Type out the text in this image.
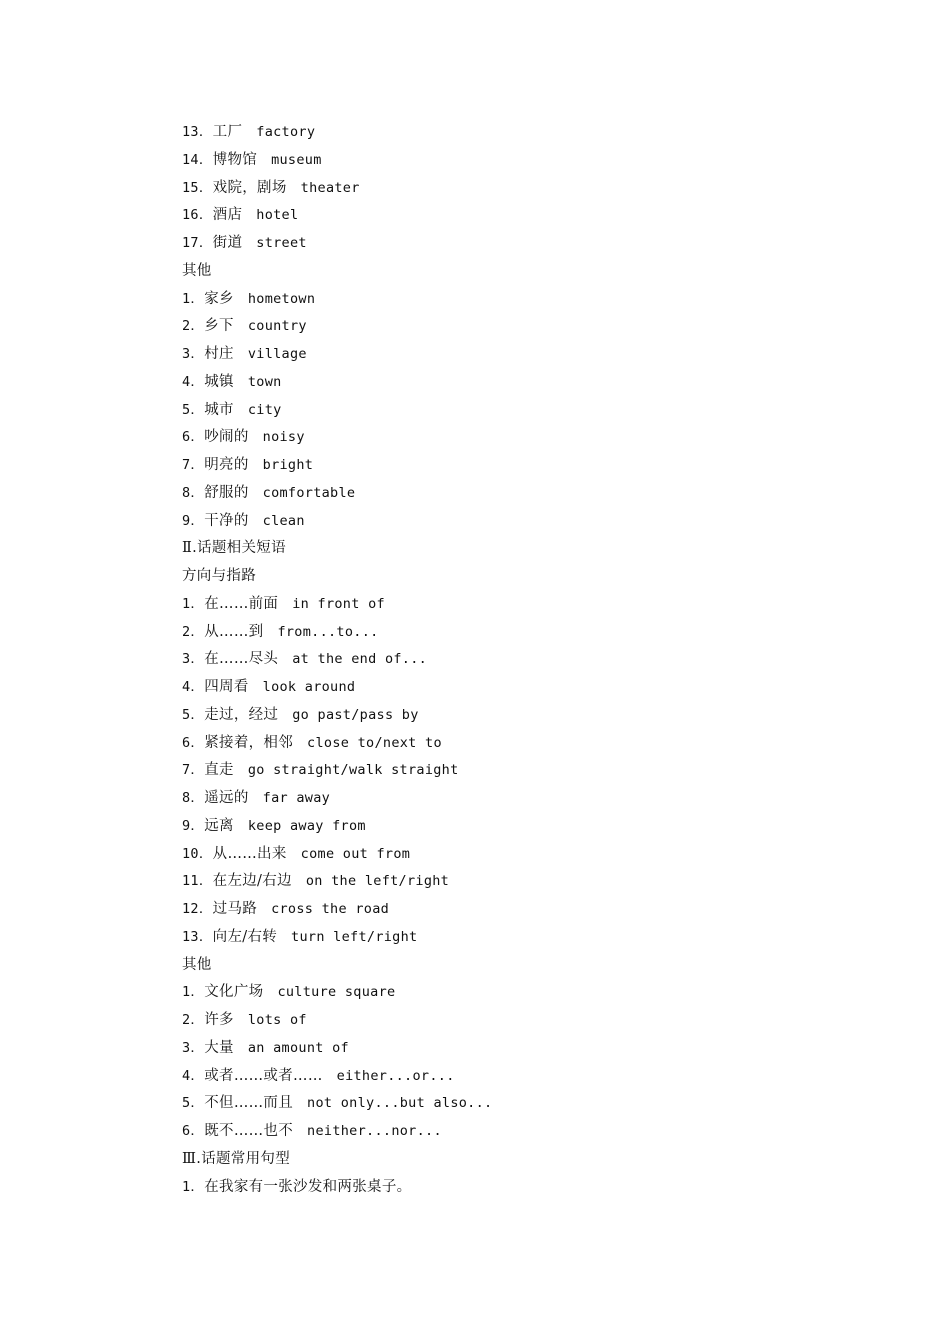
13．工厂 factory
14．博物馆 museum
15．戏院，剧场 theater
16．酒店 hotel
17．街道 street
其他
1．家乡 hometown
2．乡下 country
3．村庄 village
4．城镇 town
5．城市 city
6．吵闹的 noisy
7．明亮的 bright
8．舒服的 comfortable
9．干净的 clean
Ⅱ.话题相关短语
方向与指路
1．在……前面 in front of
2．从……到 from...to...
3．在……尽头 at the end of...
4．四周看 look around
5．走过，经过 go past/pass by
6．紧接着，相邻 close to/next to
7．直走 go straight/walk straight
8．遥远的 far away
9．远离 keep away from
10．从……出来 come out from
11．在左边/右边 on the left/right
12．过马路 cross the road
13．向左/右转 turn left/right
其他
1．文化广场 culture square
2．许多 lots of
3．大量 an amount of
4．或者……或者…… either...or...
5．不但……而且 not only...but also...
6．既不……也不 neither...nor...
Ⅲ.话题常用句型
1．在我家有一张沙发和两张桌子。
